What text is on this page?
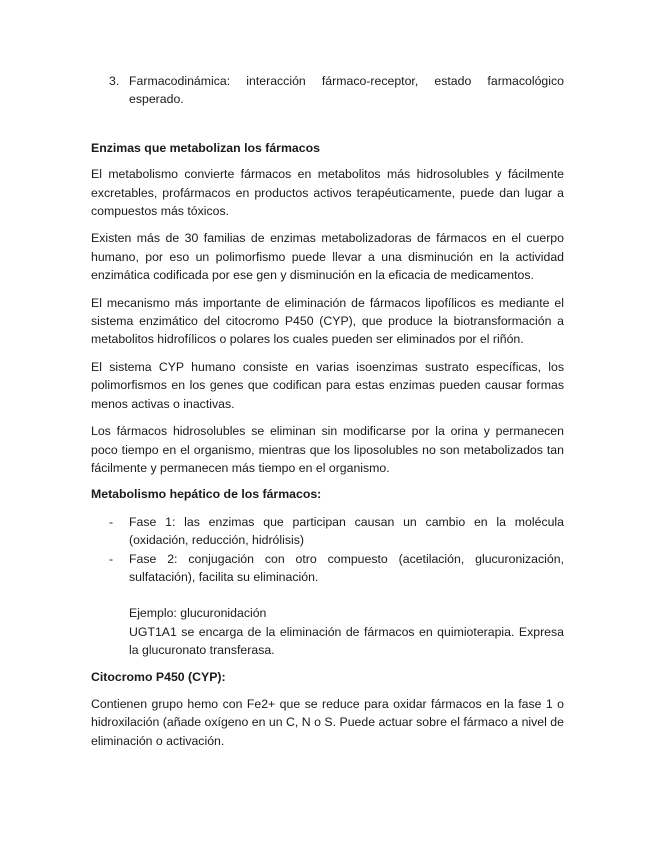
3. Farmacodinámica: interacción fármaco-receptor, estado farmacológico esperado.
Enzimas que metabolizan los fármacos

El metabolismo convierte fármacos en metabolitos más hidrosolubles y fácilmente excretables, profármacos en productos activos terapéuticamente, puede dan lugar a compuestos más tóxicos.

Existen más de 30 familias de enzimas metabolizadoras de fármacos en el cuerpo humano, por eso un polimorfismo puede llevar a una disminución en la actividad enzimática codificada por ese gen y disminución en la eficacia de medicamentos.

El mecanismo más importante de eliminación de fármacos lipofílicos es mediante el sistema enzimático del citocromo P450 (CYP), que produce la biotransformación a metabolitos hidrofílicos o polares los cuales pueden ser eliminados por el riñón.

El sistema CYP humano consiste en varias isoenzimas sustrato específicas, los polimorfismos en los genes que codifican para estas enzimas pueden causar formas menos activas o inactivas.

Los fármacos hidrosolubles se eliminan sin modificarse por la orina y permanecen poco tiempo en el organismo, mientras que los liposolubles no son metabolizados tan fácilmente y permanecen más tiempo en el organismo.

Metabolismo hepático de los fármacos:
-	Fase 1: las enzimas que participan causan un cambio en la molécula (oxidación, reducción, hidrólisis)
-	Fase 2: conjugación con otro compuesto (acetilación, glucuronización, sulfatación), facilita su eliminación.

Ejemplo: glucuronidación

UGT1A1 se encarga de la eliminación de fármacos en quimioterapia. Expresa la glucuronato transferasa.

Citocromo P450 (CYP):

Contienen grupo hemo con Fe2+ que se reduce para oxidar fármacos en la fase 1 o hidroxilación (añade oxígeno en un C, N o S. Puede actuar sobre el fármaco a nivel de eliminación o activación.
